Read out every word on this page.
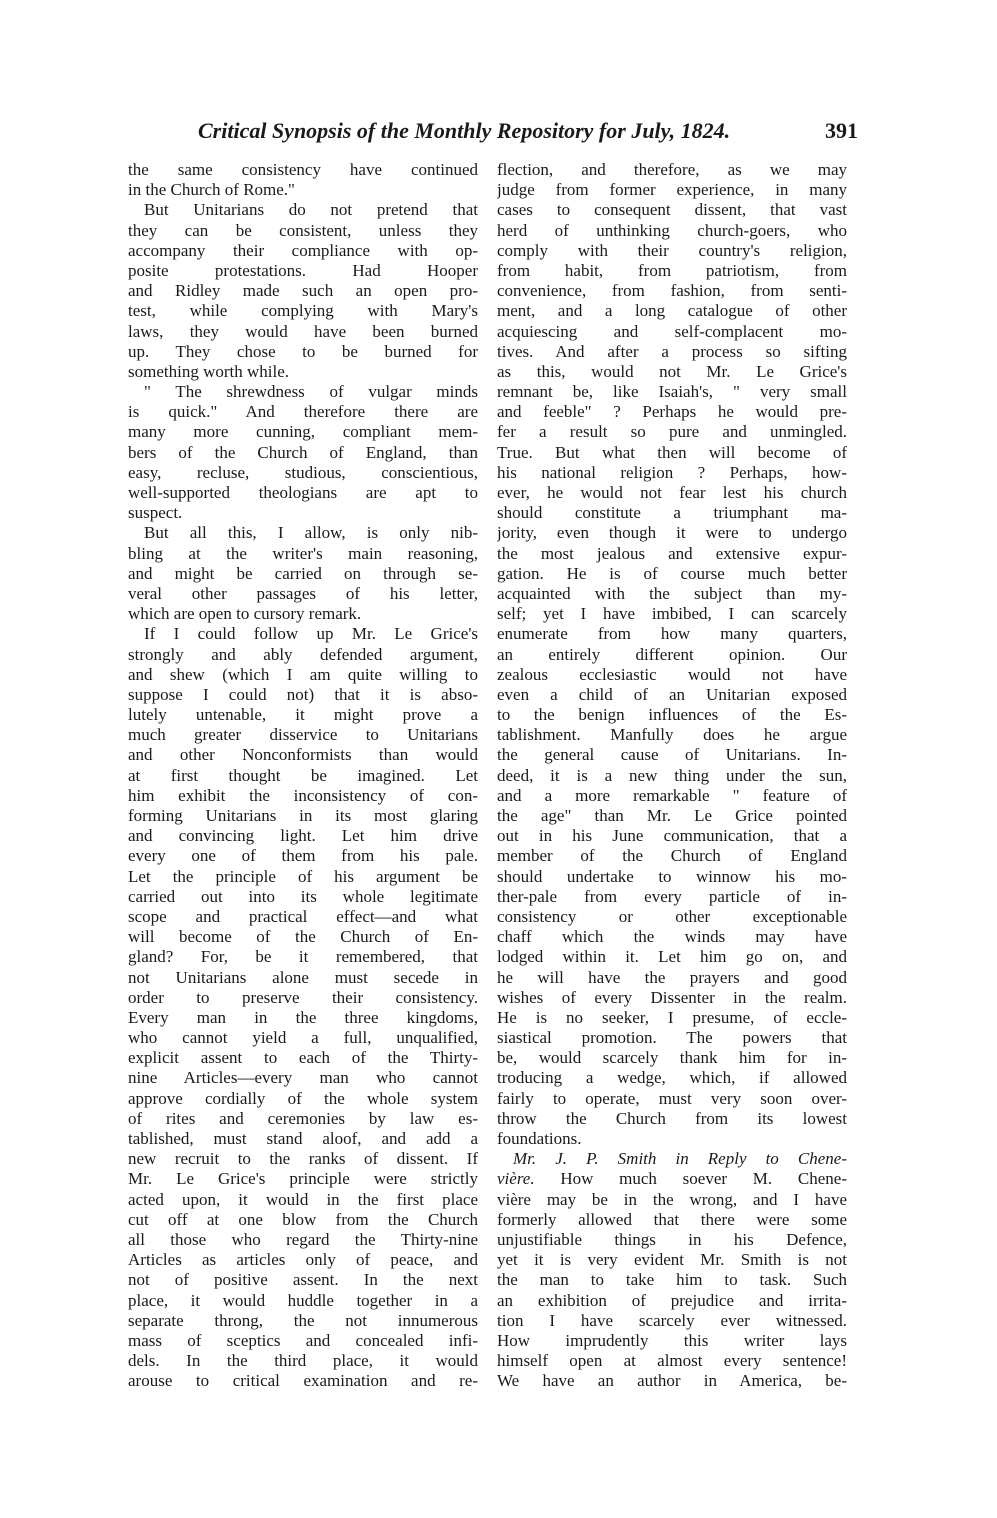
Critical Synopsis of the Monthly Repository for July, 1824.	391
the same consistency have continued
in the Church of Rome."
But Unitarians do not pretend that
they can be consistent, unless they
accompany their compliance with op-
posite protestations. Had Hooper
and Ridley made such an open pro-
test, while complying with Mary's
laws, they would have been burned
up. They chose to be burned for
something worth while.
" The shrewdness of vulgar minds
is quick." And therefore there are
many more cunning, compliant mem-
bers of the Church of England, than
easy, recluse, studious, conscientious,
well-supported theologians are apt to
suspect.
But all this, I allow, is only nib-
bling at the writer's main reasoning,
and might be carried on through se-
veral other passages of his letter,
which are open to cursory remark.
If I could follow up Mr. Le Grice's
strongly and ably defended argument,
and shew (which I am quite willing to
suppose I could not) that it is abso-
lutely untenable, it might prove a
much greater disservice to Unitarians
and other Nonconformists than would
at first thought be imagined. Let
him exhibit the inconsistency of con-
forming Unitarians in its most glaring
and convincing light. Let him drive
every one of them from his pale.
Let the principle of his argument be
carried out into its whole legitimate
scope and practical effect—and what
will become of the Church of En-
gland? For, be it remembered, that
not Unitarians alone must secede in
order to preserve their consistency.
Every man in the three kingdoms,
who cannot yield a full, unqualified,
explicit assent to each of the Thirty-
nine Articles—every man who cannot
approve cordially of the whole system
of rites and ceremonies by law es-
tablished, must stand aloof, and add a
new recruit to the ranks of dissent. If
Mr. Le Grice's principle were strictly
acted upon, it would in the first place
cut off at one blow from the Church
all those who regard the Thirty-nine
Articles as articles only of peace, and
not of positive assent. In the next
place, it would huddle together in a
separate throng, the not innumerous
mass of sceptics and concealed infi-
dels. In the third place, it would
arouse to critical examination and re-
flection, and therefore, as we may
judge from former experience, in many
cases to consequent dissent, that vast
herd of unthinking church-goers, who
comply with their country's religion,
from habit, from patriotism, from
convenience, from fashion, from senti-
ment, and a long catalogue of other
acquiescing and self-complacent mo-
tives. And after a process so sifting
as this, would not Mr. Le Grice's
remnant be, like Isaiah's, " very small
and feeble" ? Perhaps he would pre-
fer a result so pure and unmingled.
True. But what then will become of
his national religion ? Perhaps, how-
ever, he would not fear lest his church
should constitute a triumphant ma-
jority, even though it were to undergo
the most jealous and extensive expur-
gation. He is of course much better
acquainted with the subject than my-
self; yet I have imbibed, I can scarcely
enumerate from how many quarters,
an entirely different opinion. Our
zealous ecclesiastic would not have
even a child of an Unitarian exposed
to the benign influences of the Es-
tablishment. Manfully does he argue
the general cause of Unitarians. In-
deed, it is a new thing under the sun,
and a more remarkable " feature of
the age" than Mr. Le Grice pointed
out in his June communication, that a
member of the Church of England
should undertake to winnow his mo-
ther-pale from every particle of in-
consistency or other exceptionable
chaff which the winds may have
lodged within it. Let him go on, and
he will have the prayers and good
wishes of every Dissenter in the realm.
He is no seeker, I presume, of eccle-
siastical promotion. The powers that
be, would scarcely thank him for in-
troducing a wedge, which, if allowed
fairly to operate, must very soon over-
throw the Church from its lowest
foundations.
Mr. J. P. Smith in Reply to Chene-
vière. How much soever M. Chene-
vière may be in the wrong, and I have
formerly allowed that there were some
unjustifiable things in his Defence,
yet it is very evident Mr. Smith is not
the man to take him to task. Such
an exhibition of prejudice and irrita-
tion I have scarcely ever witnessed.
How imprudently this writer lays
himself open at almost every sentence!
We have an author in America, be-
